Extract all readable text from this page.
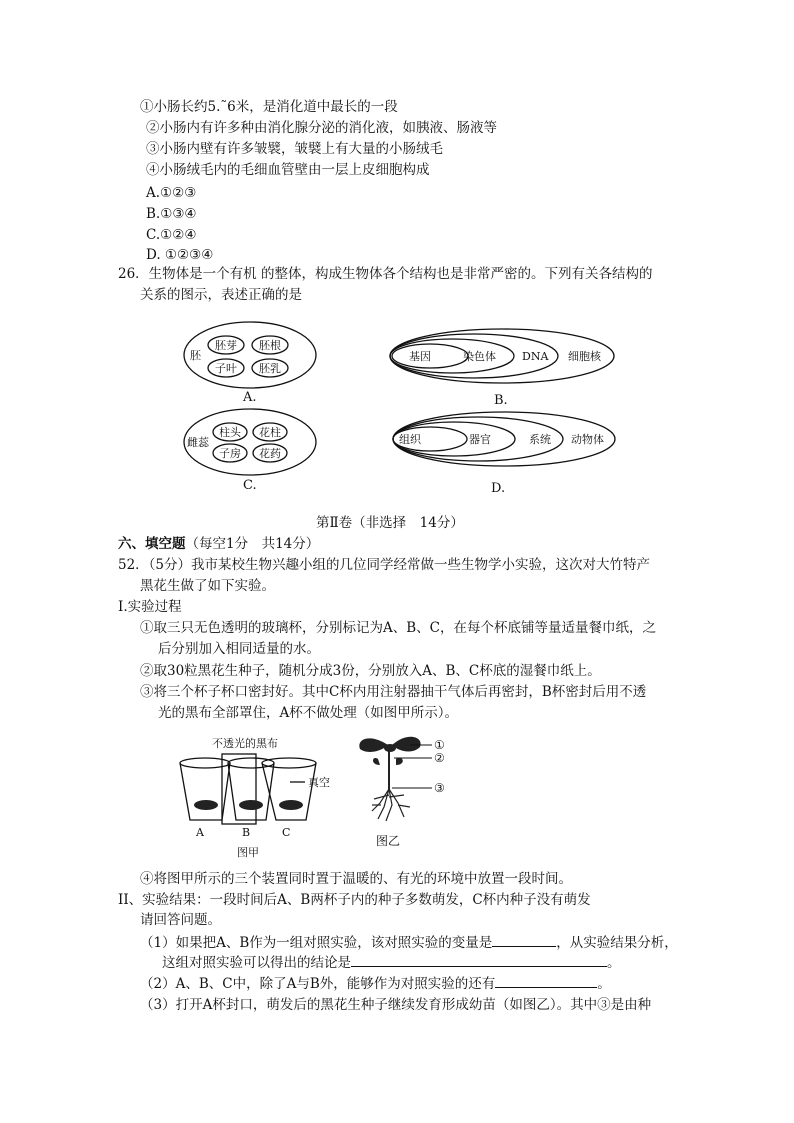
①小肠长约5.˜6米，是消化道中最长的一段
②小肠内有许多种由消化腺分泌的消化液，如胰液、肠液等
③小肠内壁有许多皱襞，皱襞上有大量的小肠绒毛
④小肠绒毛内的毛细血管壁由一层上皮细胞构成
A.①②③
B.①③④
C.①②④
D. ①②③④
26．生物体是一个有机 的整体，构成生物体各个结构也是非常严密的。下列有关各结构的
关系的图示，表述正确的是
胚
胚芽 胚根
子叶 胚乳
基因	染色体 DNA 细胞核
雌蕊
柱头 花柱
子房 花药
组织	器官	系统 动物体
A.	B.
C.	D.
第Ⅱ卷（非选择　14分）
六、填空题（每空1分　共14分）
52．（5分）我市某校生物兴趣小组的几位同学经常做一些生物学小实验，这次对大竹特产
黑花生做了如下实验。
I.实验过程
①取三只无色透明的玻璃杯，分别标记为A、B、C，在每个杯底铺等量适量餐巾纸，之
后分别加入相同适量的水。
②取30粒黑花生种子，随机分成3份，分别放入A、B、C杯底的湿餐巾纸上。
③将三个杯子杯口密封好。其中C杯内用注射器抽干气体后再密封，B杯密封后用不透
光的黑布全部罩住，A杯不做处理（如图甲所示）。
不透光的黑布
真空
A	B	C
图甲
①
②
③
图乙
④将图甲所示的三个装置同时置于温暖的、有光的环境中放置一段时间。
II、实验结果：一段时间后A、B两杯子内的种子多数萌发，C杯内种子没有萌发
请回答问题。
（1）如果把A、B作为一组对照实验，该对照实验的变量是	，从实验结果分析，
这组对照实验可以得出的结论是	。
（2）A、B、C中，除了A与B外，能够作为对照实验的还有	。
（3）打开A杯封口，萌发后的黑花生种子继续发育形成幼苗（如图乙）。其中③是由种
